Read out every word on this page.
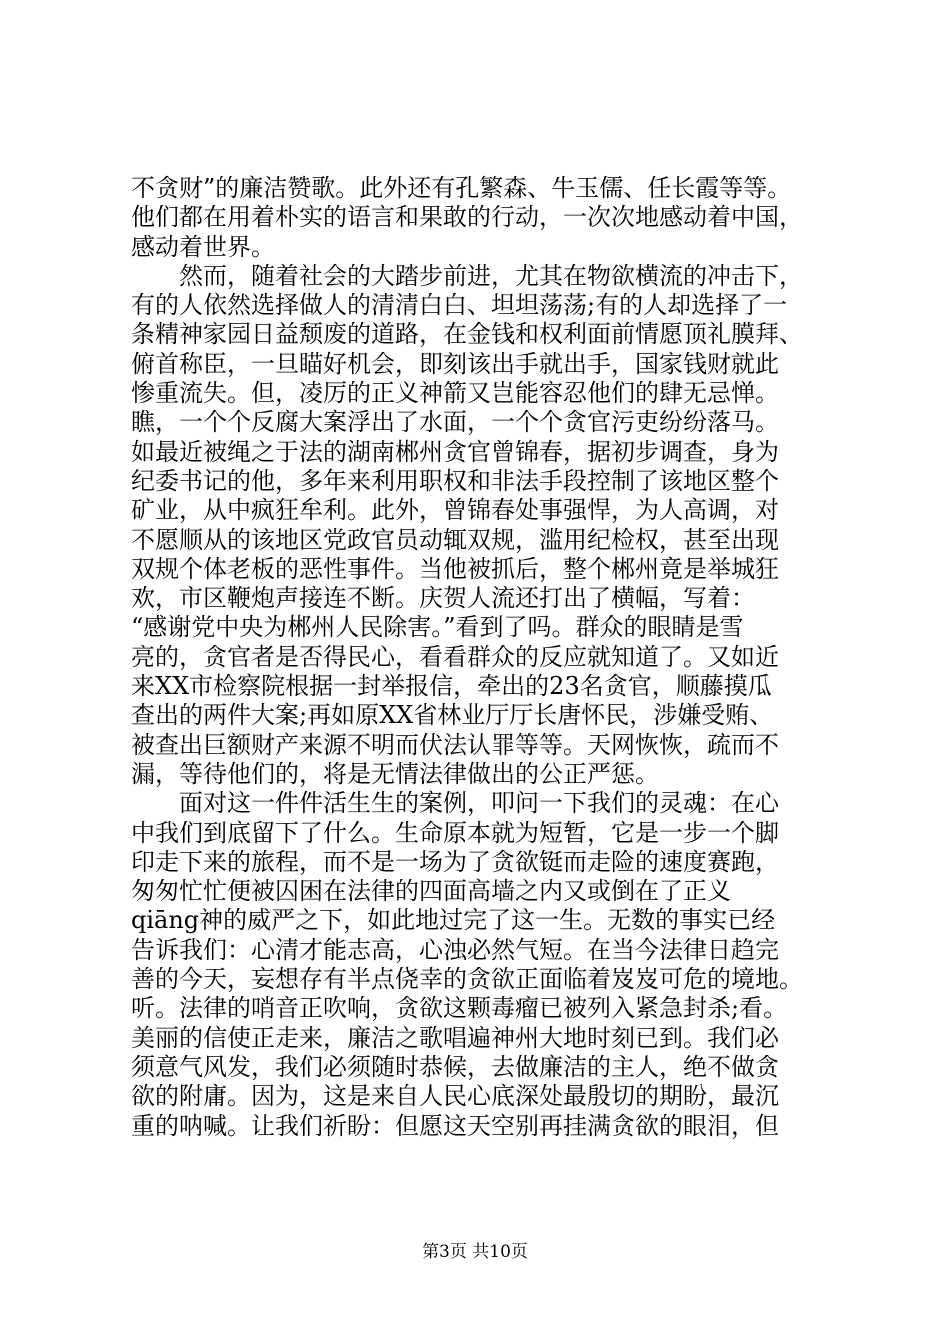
不贪财”的廉洁赞歌。此外还有孔繁森、牛玉儒、任长霞等等。
他们都在用着朴实的语言和果敢的行动，一次次地感动着中国，
感动着世界。
　　然而，随着社会的大踏步前进，尤其在物欲横流的冲击下，
有的人依然选择做人的清清白白、坦坦荡荡;有的人却选择了一
条精神家园日益颓废的道路，在金钱和权利面前情愿顶礼膜拜、
俯首称臣，一旦瞄好机会，即刻该出手就出手，国家钱财就此
惨重流失。但，凌厉的正义神箭又岂能容忍他们的肆无忌惮。
瞧，一个个反腐大案浮出了水面，一个个贪官污吏纷纷落马。
如最近被绳之于法的湖南郴州贪官曾锦春，据初步调查，身为
纪委书记的他，多年来利用职权和非法手段控制了该地区整个
矿业，从中疯狂牟利。此外，曾锦春处事强悍，为人高调，对
不愿顺从的该地区党政官员动辄双规，滥用纪检权，甚至出现
双规个体老板的恶性事件。当他被抓后，整个郴州竟是举城狂
欢，市区鞭炮声接连不断。庆贺人流还打出了横幅，写着：
“感谢党中央为郴州人民除害。”看到了吗。群众的眼睛是雪
亮的，贪官者是否得民心，看看群众的反应就知道了。又如近
来XX市检察院根据一封举报信，牵出的23名贪官，顺藤摸瓜
查出的两件大案;再如原XX省林业厅厅长唐怀民，涉嫌受贿、
被查出巨额财产来源不明而伏法认罪等等。天网恢恢，疏而不
漏，等待他们的，将是无情法律做出的公正严惩。
　　面对这一件件活生生的案例，叩问一下我们的灵魂：在心
中我们到底留下了什么。生命原本就为短暂，它是一步一个脚
印走下来的旅程，而不是一场为了贪欲铤而走险的速度赛跑，
匆匆忙忙便被囚困在法律的四面高墙之内又或倒在了正义
qiāng神的威严之下，如此地过完了这一生。无数的事实已经
告诉我们：心清才能志高，心浊必然气短。在当今法律日趋完
善的今天，妄想存有半点侥幸的贪欲正面临着岌岌可危的境地。
听。法律的哨音正吹响，贪欲这颗毒瘤已被列入紧急封杀;看。
美丽的信使正走来，廉洁之歌唱遍神州大地时刻已到。我们必
须意气风发，我们必须随时恭候，去做廉洁的主人，绝不做贪
欲的附庸。因为，这是来自人民心底深处最殷切的期盼，最沉
重的呐喊。让我们祈盼：但愿这天空别再挂满贪欲的眼泪，但
第3页 共10页
